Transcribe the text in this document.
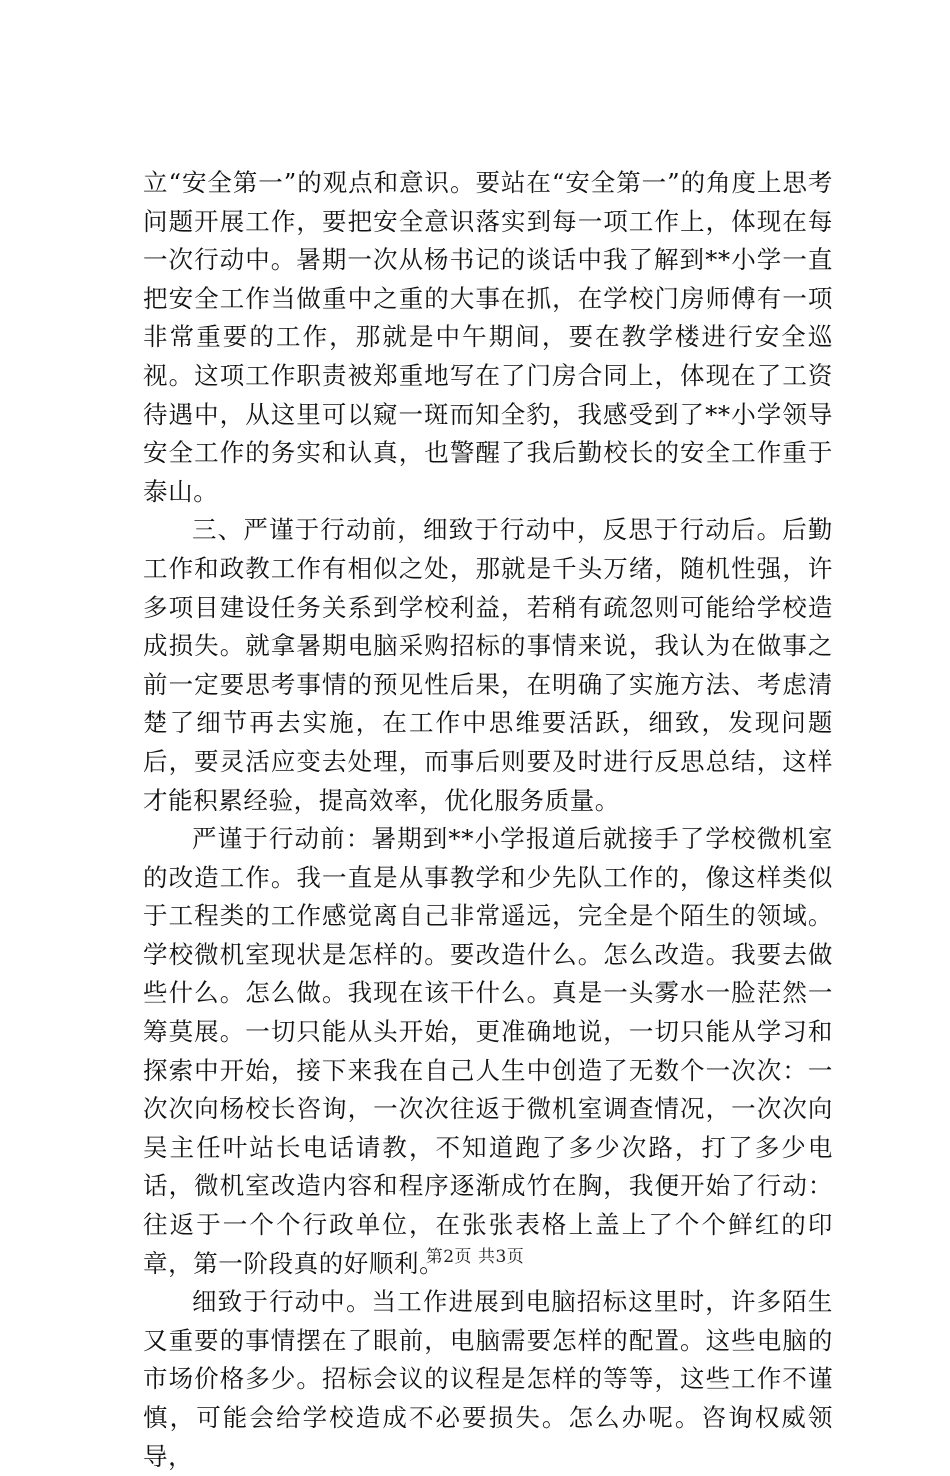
立“安全第一”的观点和意识。要站在“安全第一”的角度上思考问题开展工作，要把安全意识落实到每一项工作上，体现在每一次行动中。暑期一次从杨书记的谈话中我了解到**小学一直把安全工作当做重中之重的大事在抓，在学校门房师傅有一项非常重要的工作，那就是中午期间，要在教学楼进行安全巡视。这项工作职责被郑重地写在了门房合同上，体现在了工资待遇中，从这里可以窥一斑而知全豹，我感受到了**小学领导安全工作的务实和认真，也警醒了我后勤校长的安全工作重于泰山。

三、严谨于行动前，细致于行动中，反思于行动后。后勤工作和政教工作有相似之处，那就是千头万绪，随机性强，许多项目建设任务关系到学校利益，若稍有疏忽则可能给学校造成损失。就拿暑期电脑采购招标的事情来说，我认为在做事之前一定要思考事情的预见性后果，在明确了实施方法、考虑清楚了细节再去实施，在工作中思维要活跃，细致，发现问题后，要灵活应变去处理，而事后则要及时进行反思总结，这样才能积累经验，提高效率，优化服务质量。

严谨于行动前：暑期到**小学报道后就接手了学校微机室的改造工作。我一直是从事教学和少先队工作的，像这样类似于工程类的工作感觉离自己非常遥远，完全是个陌生的领域。学校微机室现状是怎样的。要改造什么。怎么改造。我要去做些什么。怎么做。我现在该干什么。真是一头雾水一脸茫然一筹莫展。一切只能从头开始，更准确地说，一切只能从学习和探索中开始，接下来我在自己人生中创造了无数个一次次：一次次向杨校长咨询，一次次往返于微机室调查情况，一次次向吴主任叶站长电话请教，不知道跑了多少次路，打了多少电话，微机室改造内容和程序逐渐成竹在胸，我便开始了行动：往返于一个个行政单位，在张张表格上盖上了个个鲜红的印章，第一阶段真的好顺利。

细致于行动中。当工作进展到电脑招标这里时，许多陌生又重要的事情摆在了眼前，电脑需要怎样的配置。这些电脑的市场价格多少。招标会议的议程是怎样的等等，这些工作不谨慎，可能会给学校造成不必要损失。怎么办呢。咨询权威领导，

第2页 共3页
